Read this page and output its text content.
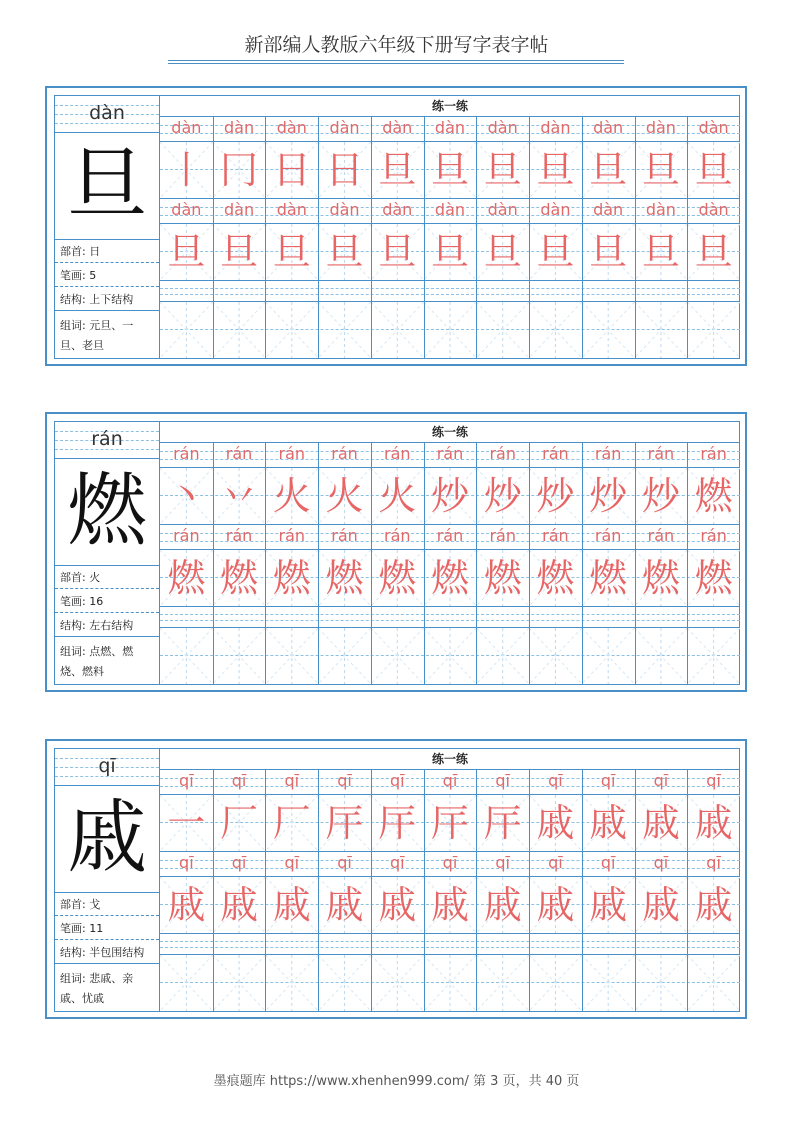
新部编人教版六年级下册写字表字帖
dàn
旦
部首: 日
笔画: 5
结构: 上下结构
组词: 元旦、一旦、老旦
练一练
dàn	dàn	dàn	dàn	dàn	dàn	dàn	dàn	dàn	dàn	dàn
丨 冂 日 日 旦 旦 旦 旦 旦 旦 旦
dàn	dàn	dàn	dàn	dàn	dàn	dàn	dàn	dàn	dàn	dàn
旦 旦 旦 旦 旦 旦 旦 旦 旦 旦 旦
rán
燃
部首: 火
笔画: 16
结构: 左右结构
组词: 点燃、燃烧、燃料
练一练
rán	rán	rán	rán	rán	rán	rán	rán	rán	rán	rán
丶 丷 火 火 火 炒 炒 炒 炒 炒 燃
rán	rán	rán	rán	rán	rán	rán	rán	rán	rán	rán
燃 燃 燃 燃 燃 燃 燃 燃 燃 燃 燃
qī
戚
部首: 戈
笔画: 11
结构: 半包围结构
组词: 悲戚、亲戚、忧戚
练一练
qī	qī	qī	qī	qī	qī	qī	qī	qī	qī	qī
一 厂 厂 厈 厈 厈 厈 戚 戚 戚 戚
qī	qī	qī	qī	qī	qī	qī	qī	qī	qī	qī
戚 戚 戚 戚 戚 戚 戚 戚 戚 戚 戚
墨痕题库 https://www.xhenhen999.com/ 第 3 页，共 40 页
